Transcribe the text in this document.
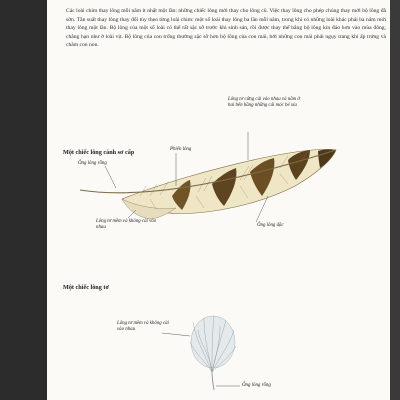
Các loài chim thay lông mỗi năm ít nhất một lần: những chiếc lông mới thay cho lông cũ. Việc thay lông cho phép chúng thay mới bộ lông đã sờn. Tần suất thay lông thay đổi tùy theo từng loài chim: một số loài thay lông ba lần mỗi năm, trong khi có những loài khác phải ba năm mới thay lông một lần. Bộ lông của một số loài có thể rất sặc sỡ trước khi sinh sản, rồi được thay thế bằng bộ lông kín đáo hơn vào mùa đông, chẳng hạn như ở loài vịt. Bộ lông của con trống thường sặc sỡ hơn bộ lông của con mái, bởi những con mái phải ngụy trang khi ấp trứng và chăm con non.
Một chiếc lông cánh sơ cấp
Lông tơ cứng cài vào nhau và nằm ở hai bên bằng những cái móc bé xíu
Phiến lông
Ống lông rỗng
Lông tơ mềm và không cài vào nhau	Ống lông đặc
Một chiếc lông tơ
Lông tơ mềm và không cài vào nhau
Ống lông rỗng
